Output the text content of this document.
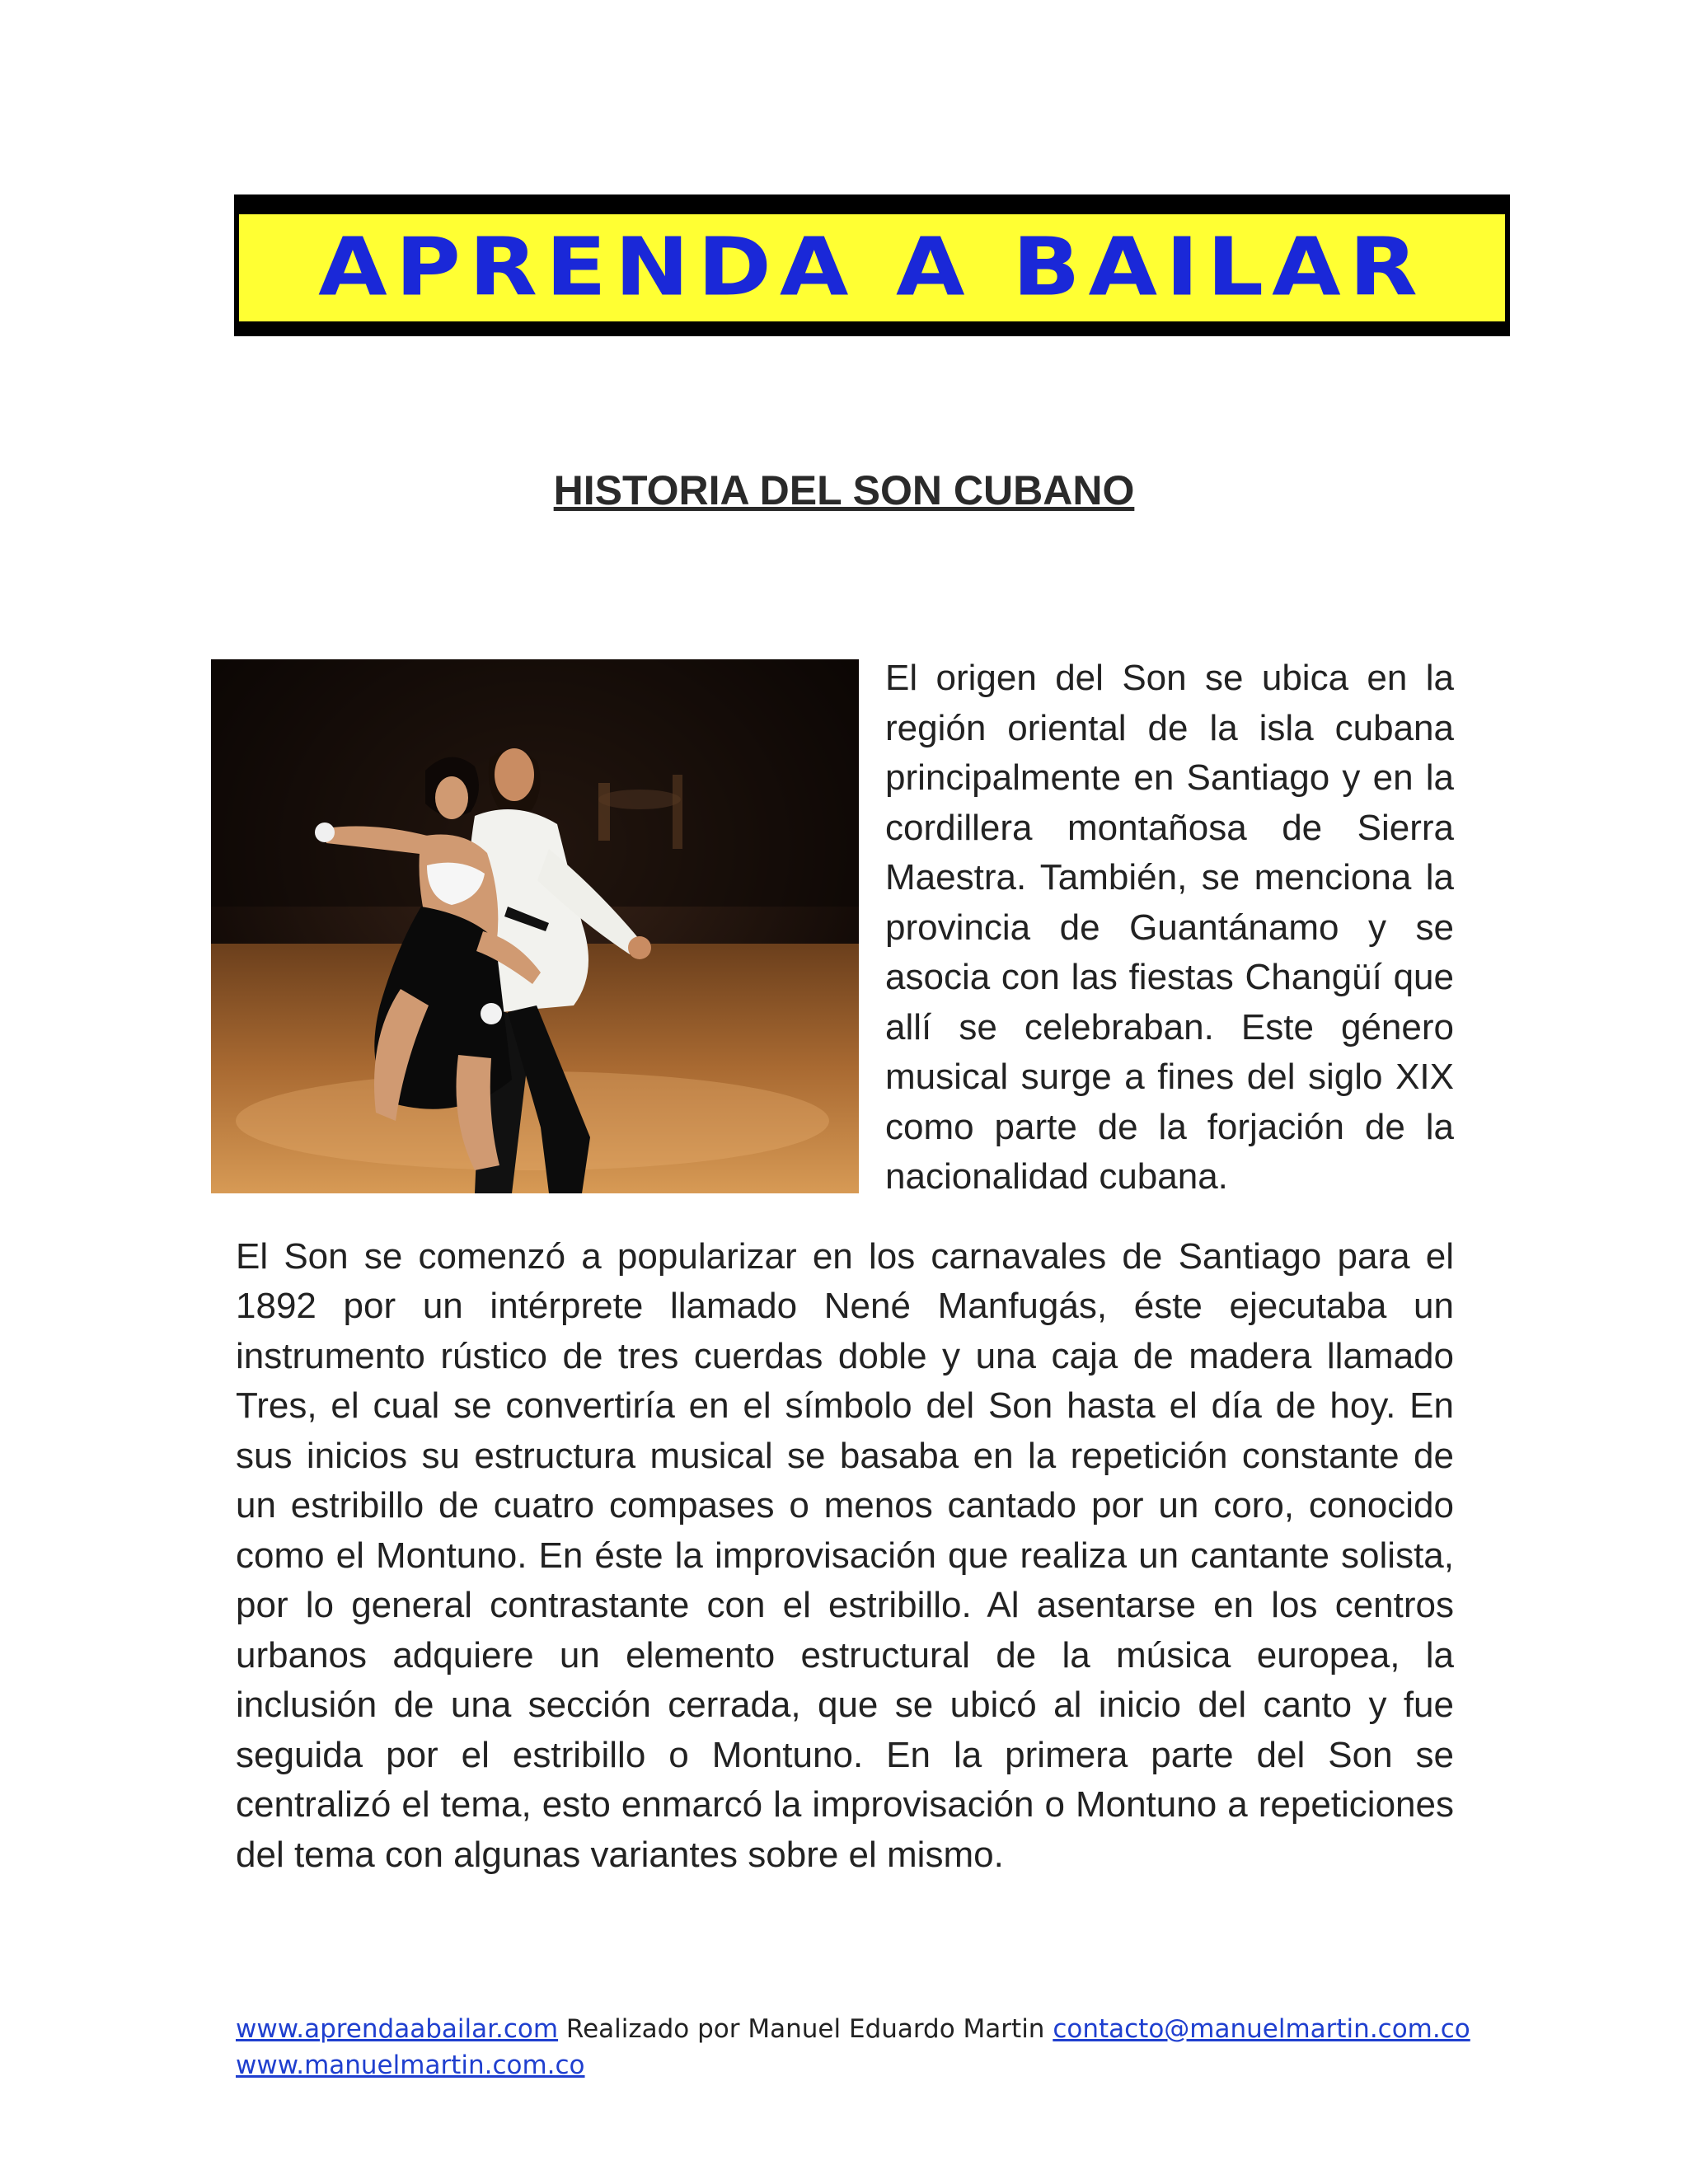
APRENDA A BAILAR
HISTORIA DEL SON CUBANO

El origen del Son se ubica en la región oriental de la isla cubana principalmente en Santiago y en la cordillera montañosa de Sierra Maestra. También, se menciona la provincia de Guantánamo y se asocia con las fiestas Changüí que allí se celebraban. Este género musical surge a fines del siglo XIX como parte de la forjación de la nacionalidad cubana.

El Son se comenzó a popularizar en los carnavales de Santiago para el 1892 por un intérprete llamado Nené Manfugás, éste ejecutaba un instrumento rústico de tres cuerdas doble y una caja de madera llamado Tres, el cual se convertiría en el símbolo del Son hasta el día de hoy. En sus inicios su estructura musical se basaba en la repetición constante de un estribillo de cuatro compases o menos cantado por un coro, conocido como el Montuno. En éste la improvisación que realiza un cantante solista, por lo general contrastante con el estribillo. Al asentarse en los centros urbanos adquiere un elemento estructural de la música europea, la inclusión de una sección cerrada, que se ubicó al inicio del canto y fue seguida por el estribillo o Montuno. En la primera parte del Son se centralizó el tema, esto enmarcó la improvisación o Montuno a repeticiones del tema con algunas variantes sobre el mismo.

www.aprendaabailar.com Realizado por Manuel Eduardo Martin contacto@manuelmartin.com.co
www.manuelmartin.com.co
